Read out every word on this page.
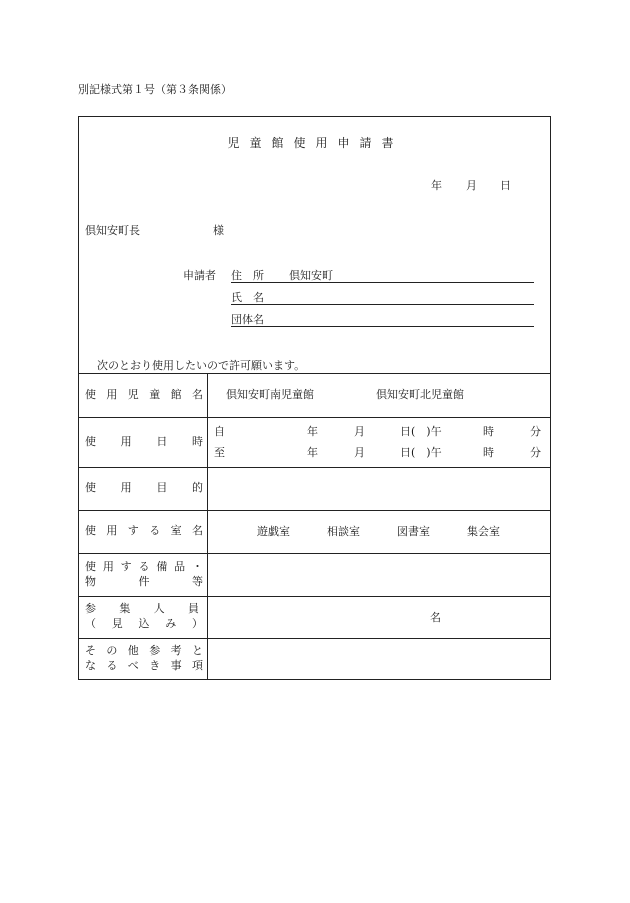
別記様式第１号（第３条関係）
児童館使用申請書
年 月 日
倶知安町長	様
申請者 住　所 倶知安町
氏　名
団体名
次のとおり使用したいので許可願います。
使用児童館名 倶知安町南児童館	倶知安町北児童館
使用日時
自	年	月	日(　)午	時	分
至	年	月	日(　)午	時	分
使用目的
使用する室名	遊戯室	相談室	図書室	集会室
使用する備品・
物件等
参集人員
（見込み）	名
その他参考と
なるべき事項
